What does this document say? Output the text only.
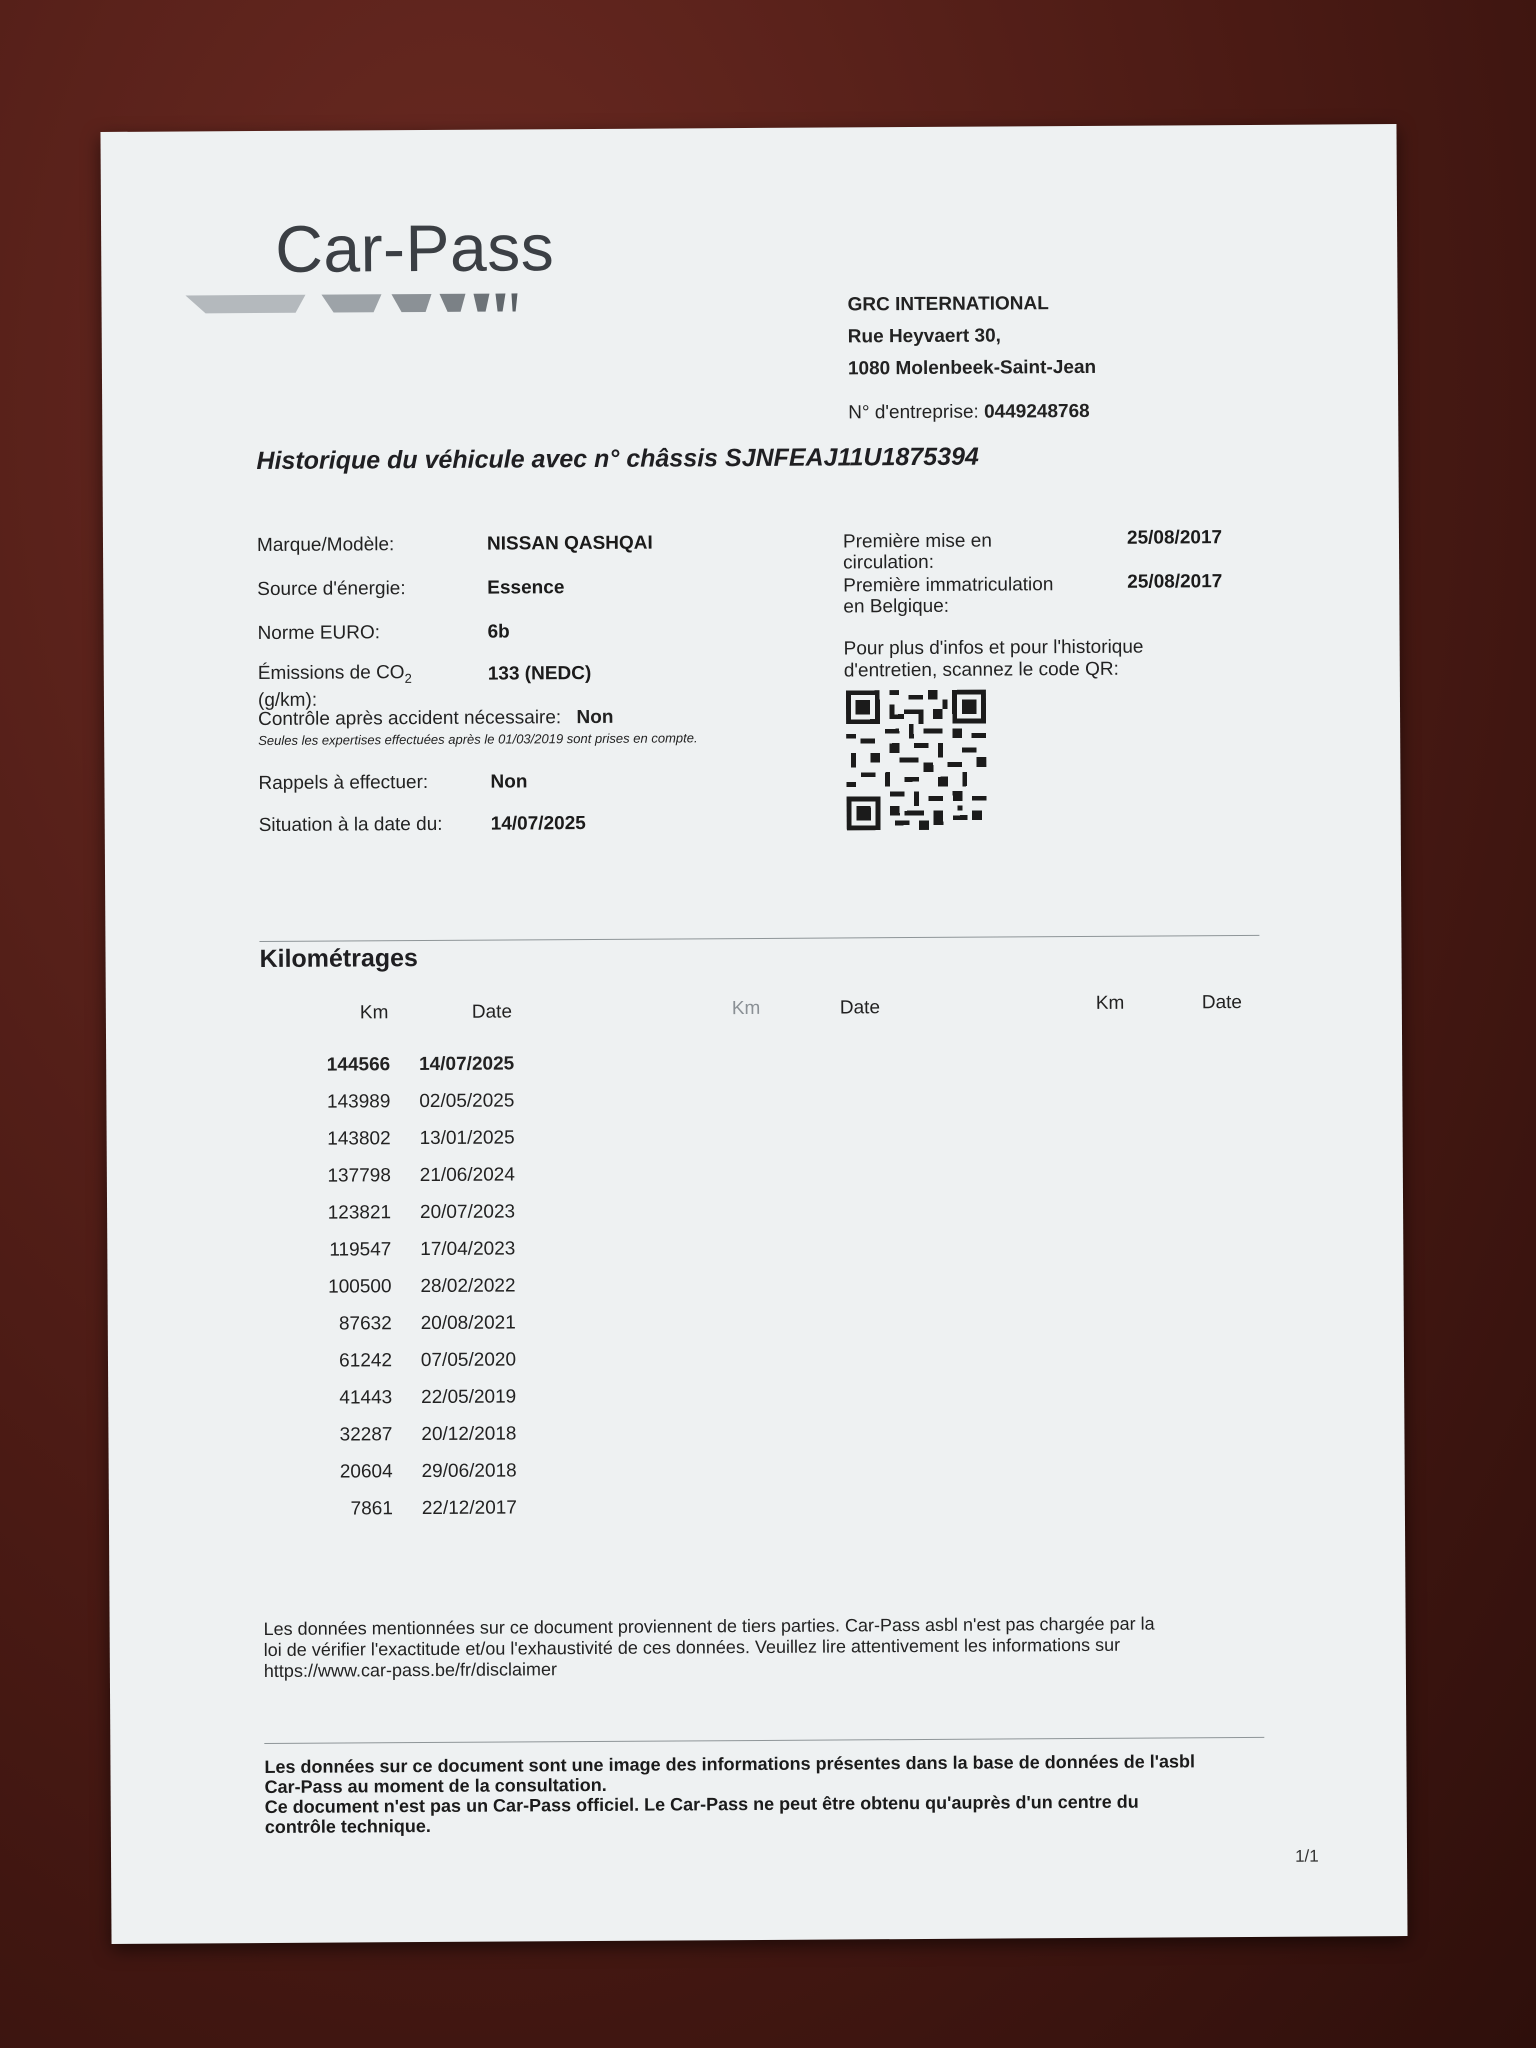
Car-Pass
GRC INTERNATIONAL
Rue Heyvaert 30,
1080 Molenbeek-Saint-Jean
N° d'entreprise: 0449248768
Historique du véhicule avec n° châssis SJNFEAJ11U1875394
Marque/Modèle:	NISSAN QASHQAI
Source d'énergie:	Essence
Norme EURO:	6b
Émissions de $CO_2$
(g/km):
133 (NEDC)
Contrôle après accident nécessaire: Non
Seules les expertises effectuées après le 01/03/2019 sont prises en compte.
Rappels à effectuer:	Non
Situation à la date du:	14/07/2025
Première mise en
circulation:
25/08/2017
Première immatriculation
en Belgique:
25/08/2017
Pour plus d'infos et pour l'historique
d'entretien, scannez le code QR:
Kilométrages
Km	Date	Km	Date	Km	Date
144566	14/07/2025
143989	02/05/2025
143802	13/01/2025
137798	21/06/2024
123821	20/07/2023
119547	17/04/2023
100500	28/02/2022
87632	20/08/2021
61242	07/05/2020
41443	22/05/2019
32287	20/12/2018
20604	29/06/2018
7861	22/12/2017
Les données mentionnées sur ce document proviennent de tiers parties. Car-Pass asbl n'est pas chargée par la
loi de vérifier l'exactitude et/ou l'exhaustivité de ces données. Veuillez lire attentivement les informations sur
https://www.car-pass.be/fr/disclaimer
Les données sur ce document sont une image des informations présentes dans la base de données de l'asbl
Car-Pass au moment de la consultation.
Ce document n'est pas un Car-Pass officiel. Le Car-Pass ne peut être obtenu qu'auprès d'un centre du
contrôle technique.
1/1
